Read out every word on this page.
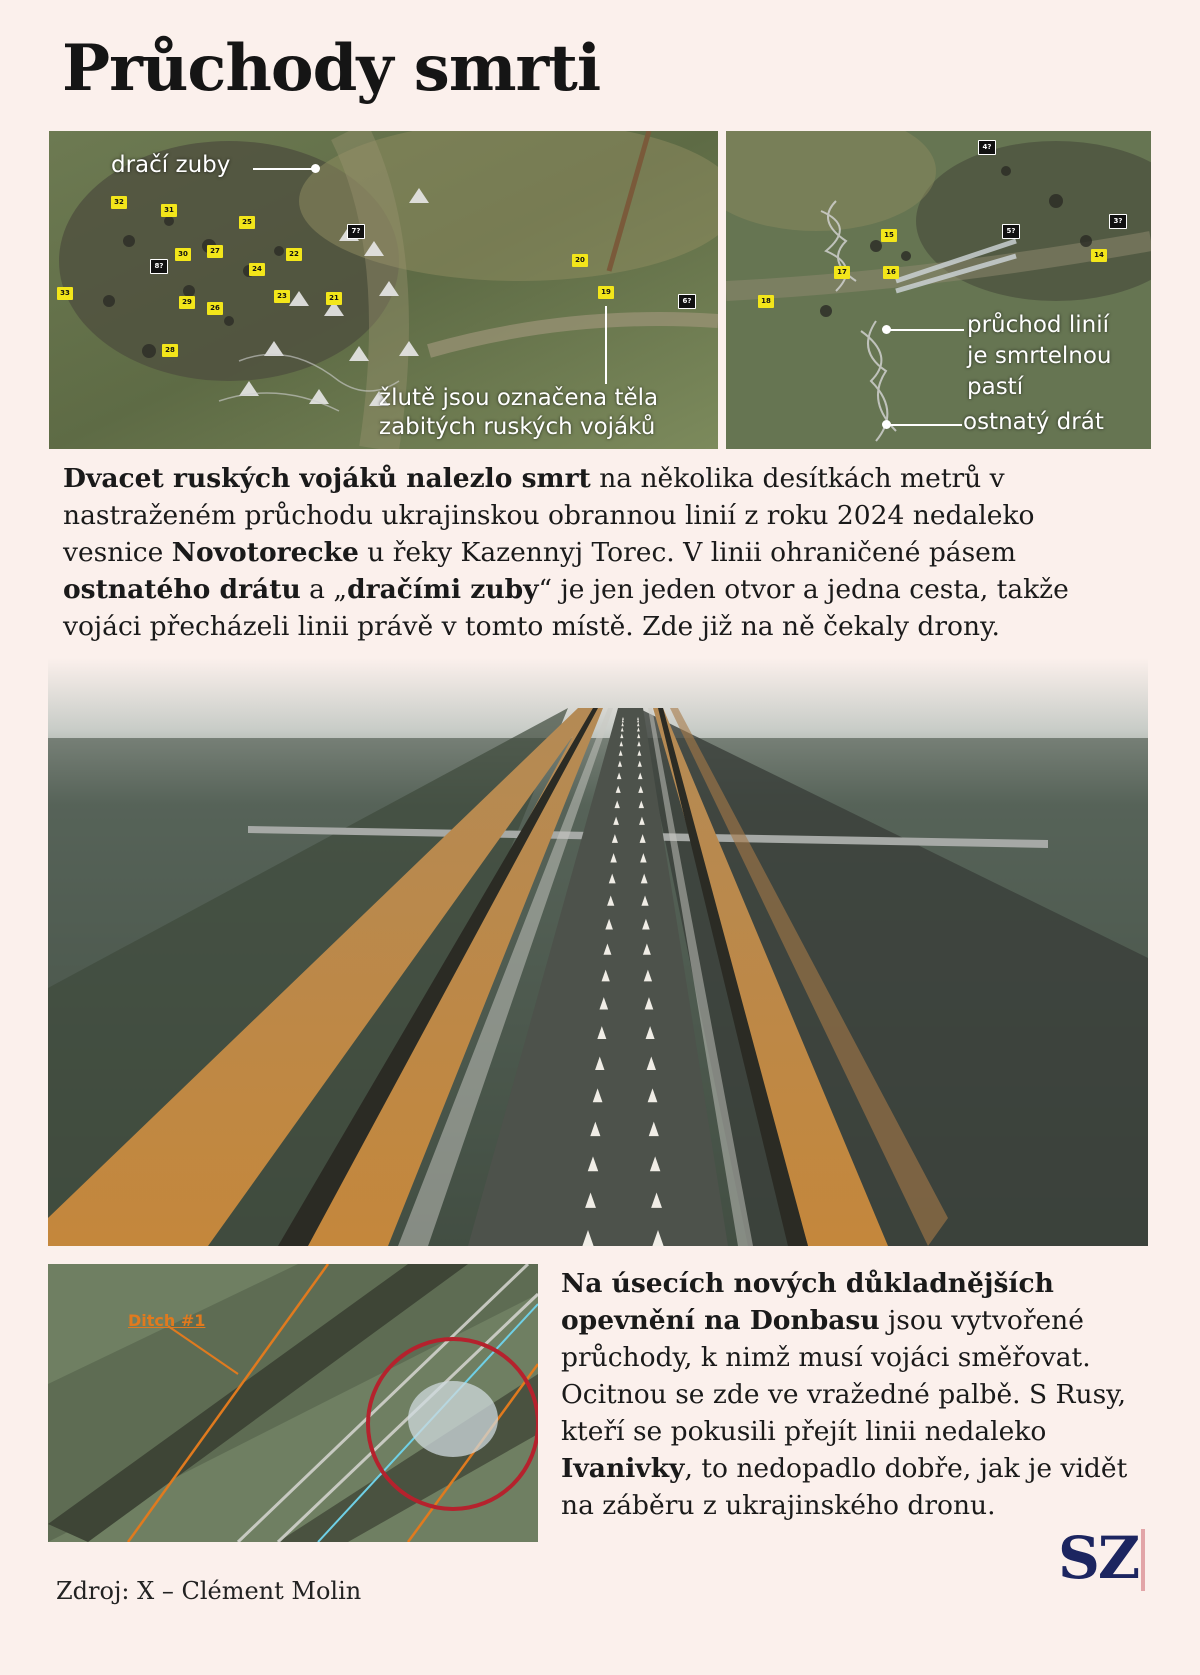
Průchody smrti
dračí zuby
žlutě jsou označena těla
zabitých ruských vojáků
32
31
25
30	27	22
24
23	21
29
26
33
28
20
19
7?
8?
6?
průchod linií
je smrtelnou
pastí
ostnatý drát
15
17	16
18
14
4?
5?
3?

Dvacet ruských vojáků nalezlo smrt na několika desítkách metrů v nastraženém průchodu ukrajinskou obrannou linií z roku 2024 nedaleko vesnice Novotorecke u řeky Kazennyj Torec. V linii ohraničené pásem ostnatého drátu a „dračími zuby“ je jen jeden otvor a jedna cesta, takže vojáci přecházeli linii právě v tomto místě. Zde již na ně čekaly drony.

Ditch #1

Na úsecích nových důkladnějších opevnění na Donbasu jsou vytvořené průchody, k nimž musí vojáci směřovat. Ocitnou se zde ve vražedné palbě. S Rusy, kteří se pokusili přejít linii nedaleko Ivanivky, to nedopadlo dobře, jak je vidět na záběru z ukrajinského dronu.

Zdroj: X – Clément Molin	SZ
